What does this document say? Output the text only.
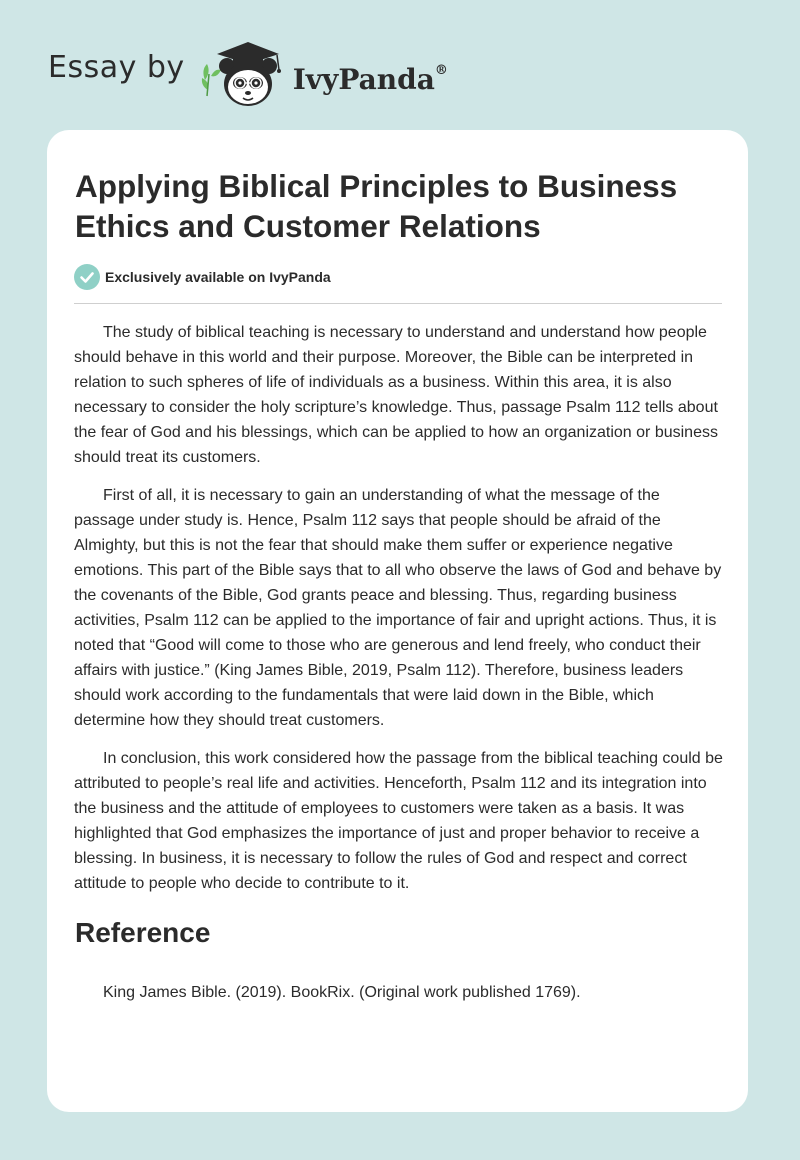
Essay by	IvyPanda®
Applying Biblical Principles to Business Ethics and Customer Relations
Exclusively available on IvyPanda

The study of biblical teaching is necessary to understand and understand how people should behave in this world and their purpose. Moreover, the Bible can be interpreted in relation to such spheres of life of individuals as a business. Within this area, it is also necessary to consider the holy scripture’s knowledge. Thus, passage Psalm 112 tells about the fear of God and his blessings, which can be applied to how an organization or business should treat its customers.

First of all, it is necessary to gain an understanding of what the message of the passage under study is. Hence, Psalm 112 says that people should be afraid of the Almighty, but this is not the fear that should make them suffer or experience negative emotions. This part of the Bible says that to all who observe the laws of God and behave by the covenants of the Bible, God grants peace and blessing. Thus, regarding business activities, Psalm 112 can be applied to the importance of fair and upright actions. Thus, it is noted that “Good will come to those who are generous and lend freely, who conduct their affairs with justice.” (King James Bible, 2019, Psalm 112). Therefore, business leaders should work according to the fundamentals that were laid down in the Bible, which determine how they should treat customers.

In conclusion, this work considered how the passage from the biblical teaching could be attributed to people’s real life and activities. Henceforth, Psalm 112 and its integration into the business and the attitude of employees to customers were taken as a basis. It was highlighted that God emphasizes the importance of just and proper behavior to receive a blessing. In business, it is necessary to follow the rules of God and respect and correct attitude to people who decide to contribute to it.

Reference

King James Bible. (2019). BookRix. (Original work published 1769).
